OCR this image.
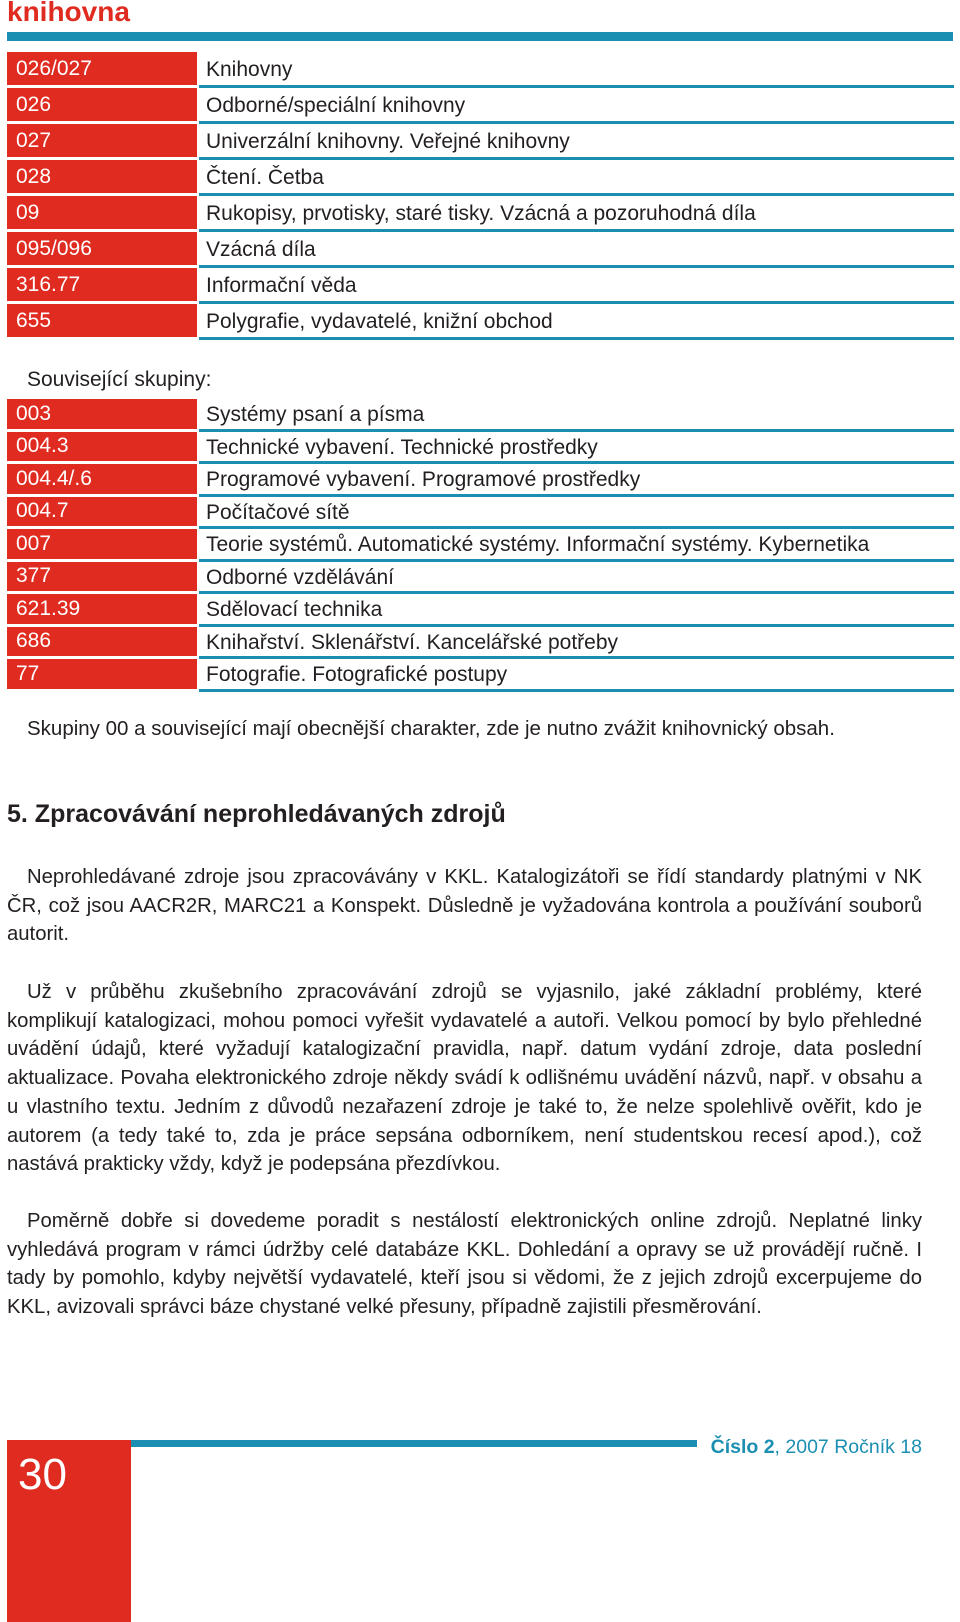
knihovna
026/027	Knihovny
026	Odborné/speciální knihovny
027	Univerzální knihovny. Veřejné knihovny
028	Čtení. Četba
09	Rukopisy, prvotisky, staré tisky. Vzácná a pozoruhodná díla
095/096	Vzácná díla
316.77	Informační věda
655	Polygrafie, vydavatelé, knižní obchod
Související skupiny:
003	Systémy psaní a písma
004.3	Technické vybavení. Technické prostředky
004.4/.6	Programové vybavení. Programové prostředky
004.7	Počítačové sítě
007	Teorie systémů. Automatické systémy. Informační systémy. Kybernetika
377	Odborné vzdělávání
621.39	Sdělovací technika
686	Knihařství. Sklenářství. Kancelářské potřeby
77	Fotografie. Fotografické postupy
Skupiny 00 a související mají obecnější charakter, zde je nutno zvážit knihovnický obsah.
5. Zpracovávání neprohledávaných zdrojů

Neprohledávané zdroje jsou zpracovávány v KKL. Katalogizátoři se řídí standardy platnými v NK ČR, což jsou AACR2R, MARC21 a Konspekt. Důsledně je vyžadována kontrola a používání souborů autorit.

Už v průběhu zkušebního zpracovávání zdrojů se vyjasnilo, jaké základní problémy, které komplikují katalogizaci, mohou pomoci vyřešit vydavatelé a autoři. Velkou pomocí by bylo přehledné uvádění údajů, které vyžadují katalogizační pravidla, např. datum vydání zdroje, data poslední aktualizace. Povaha elektronického zdroje někdy svádí k odlišnému uvádění názvů, např. v obsahu a u vlastního textu. Jedním z důvodů nezařazení zdroje je také to, že nelze spolehlivě ověřit, kdo je autorem (a tedy také to, zda je práce sepsána odborníkem, není studentskou recesí apod.), což nastává prakticky vždy, když je podepsána přezdívkou.

Poměrně dobře si dovedeme poradit s nestálostí elektronických online zdrojů. Neplatné linky vyhledává program v rámci údržby celé databáze KKL. Dohledání a opravy se už provádějí ručně. I tady by pomohlo, kdyby největší vydavatelé, kteří jsou si vědomi, že z jejich zdrojů excerpujeme do KKL, avizovali správci báze chystané velké přesuny, případně zajistili přesměrování.

30
Číslo 2, 2007 Ročník 18
